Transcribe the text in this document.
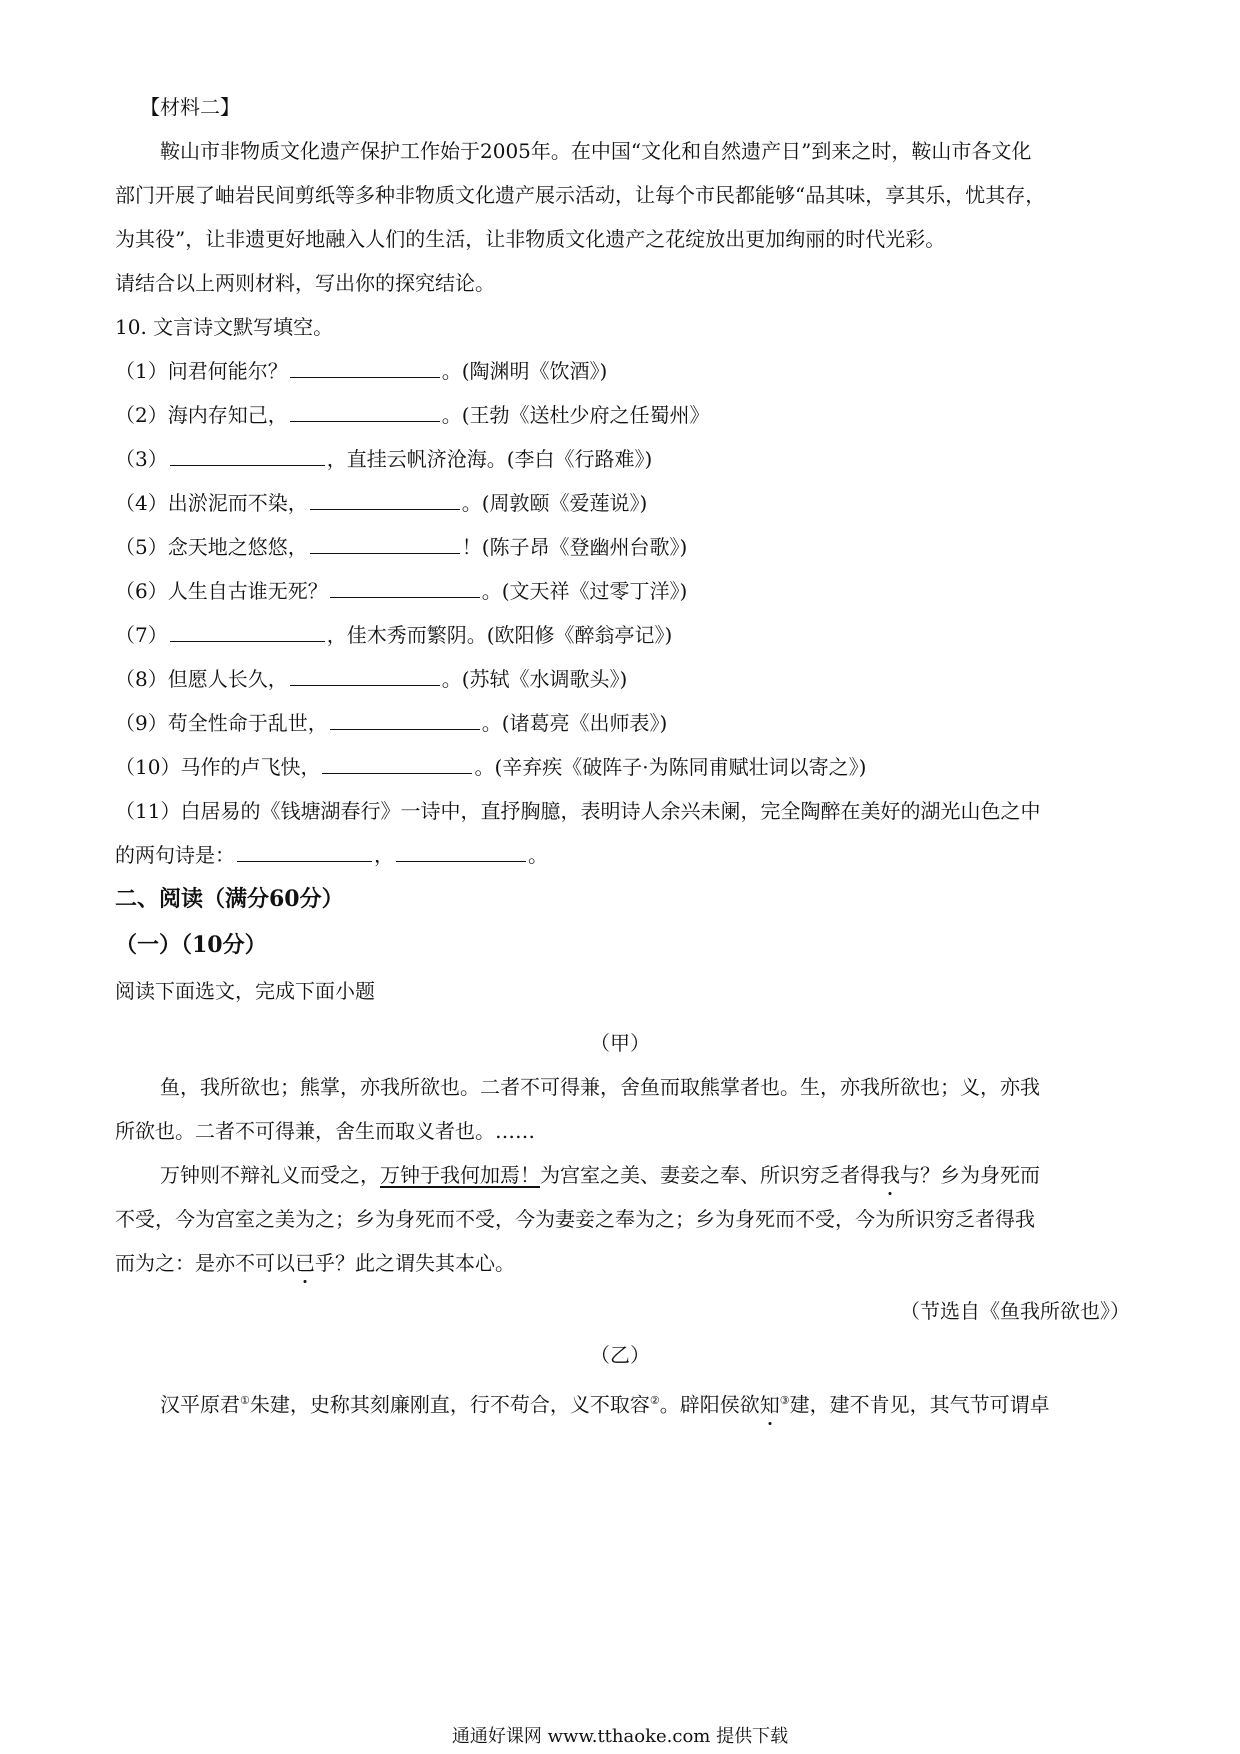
【材料二】
鞍山市非物质文化遗产保护工作始于2005年。在中国“文化和自然遗产日”到来之时，鞍山市各文化
部门开展了岫岩民间剪纸等多种非物质文化遗产展示活动，让每个市民都能够“品其味，享其乐，忧其存，
为其役”，让非遗更好地融入人们的生活，让非物质文化遗产之花绽放出更加绚丽的时代光彩。
请结合以上两则材料，写出你的探究结论。
10. 文言诗文默写填空。
（1）问君何能尔？	。(陶渊明《饮酒》)
（2）海内存知己，	。(王勃《送杜少府之任蜀州》
（3）	，直挂云帆济沧海。(李白《行路难》)
（4）出淤泥而不染，	。(周敦颐《爱莲说》)
（5）念天地之悠悠，	！(陈子昂《登幽州台歌》)
（6）人生自古谁无死？	。(文天祥《过零丁洋》)
（7）	，佳木秀而繁阴。(欧阳修《醉翁亭记》)
（8）但愿人长久，	。(苏轼《水调歌头》)
（9）苟全性命于乱世，	。(诸葛亮《出师表》)
（10）马作的卢飞快，	。(辛弃疾《破阵子·为陈同甫赋壮词以寄之》)
（11）白居易的《钱塘湖春行》一诗中，直抒胸臆，表明诗人余兴未阑，完全陶醉在美好的湖光山色之中
的两句诗是：	，	。
二、阅读（满分60分）
（一）（10分）
阅读下面选文，完成下面小题
（甲）
鱼，我所欲也；熊掌，亦我所欲也。二者不可得兼，舍鱼而取熊掌者也。生，亦我所欲也；义，亦我
所欲也。二者不可得兼，舍生而取义者也。……
万钟则不辩礼义而受之，万钟于我何加焉！为宫室之美、妻妾之奉、所识穷乏者得我与？乡为身死而
不受，今为宫室之美为之；乡为身死而不受，今为妻妾之奉为之；乡为身死而不受，今为所识穷乏者得我
而为之：是亦不可以已乎？此之谓失其本心。
（节选自《鱼我所欲也》）
（乙）
汉平原君①朱建，史称其刻廉刚直，行不苟合，义不取容②。辟阳侯欲知③建，建不肯见，其气节可谓卓
通通好课网 www.tthaoke.com 提供下载
